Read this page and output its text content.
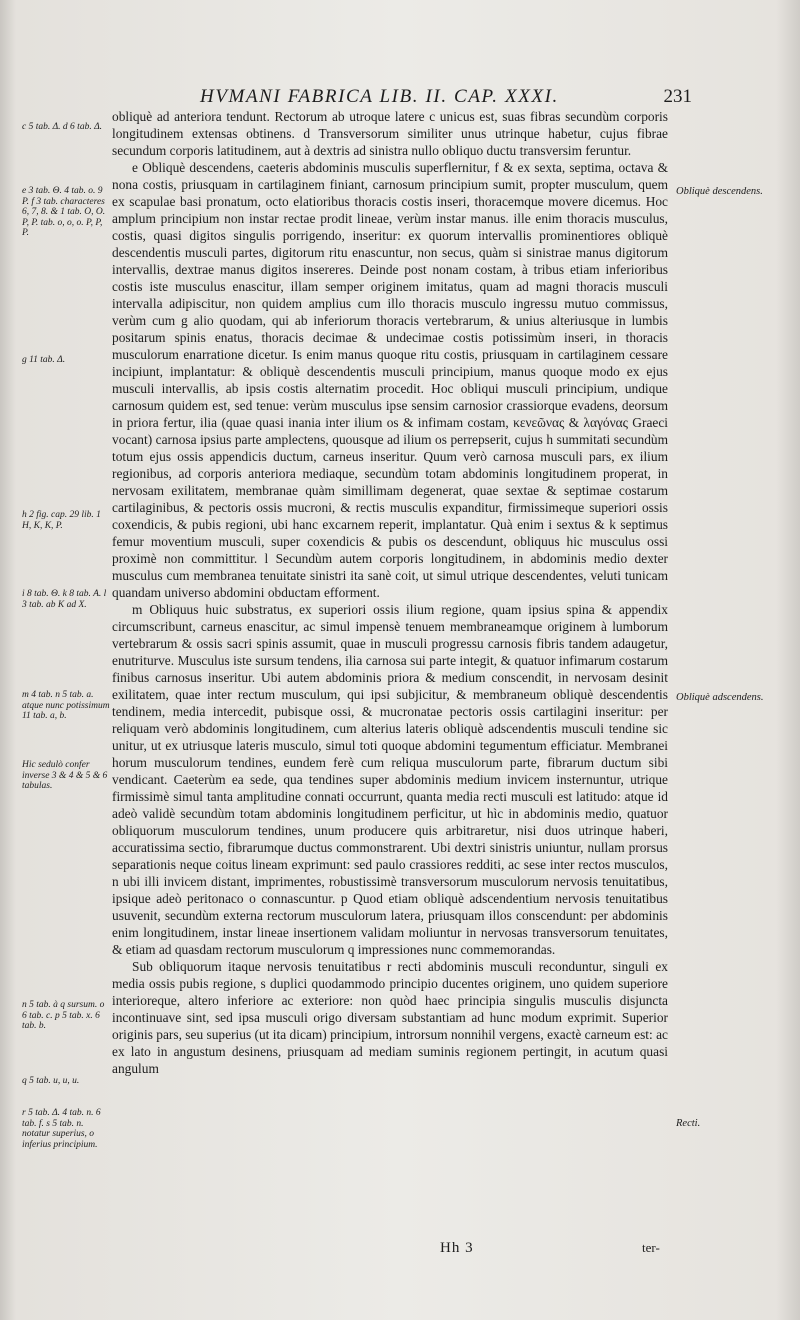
HVMANI FABRICA LIB. II. CAP. XXXI.	231

obliquè ad anteriora tendunt. Rectorum ab utroque latere c unicus est, suas fibras secundùm corporis longitudinem extensas obtinens. d Transversorum similiter unus utrinque habetur, cujus fibrae secundum corporis latitudinem, aut à dextris ad sinistra nullo obliquo ductu transversim feruntur.

e Obliquè descendens, caeteris abdominis musculis superflernitur, f & ex sexta, septima, octava & nona costis, priusquam in cartilaginem finiant, carnosum principium sumit, propter musculum, quem ex scapulae basi pronatum, octo elatioribus thoracis costis inseri, thoracemque movere dicemus. Hoc amplum principium non instar rectae prodit lineae, verùm instar manus. ille enim thoracis musculus, costis, quasi digitos singulis porrigendo, inseritur: ex quorum intervallis prominentiores obliquè descendentis musculi partes, digitorum ritu enascuntur, non secus, quàm si sinistrae manus digitorum intervallis, dextrae manus digitos insereres. Deinde post nonam costam, à tribus etiam inferioribus costis iste musculus enascitur, illam semper originem imitatus, quam ad magni thoracis musculi intervalla adipiscitur, non quidem amplius cum illo thoracis musculo ingressu mutuo commissus, verùm cum g alio quodam, qui ab inferiorum thoracis vertebrarum, & unius alteriusque in lumbis positarum spinis enatus, thoracis decimae & undecimae costis potissimùm inseri, in thoracis musculorum enarratione dicetur. Is enim manus quoque ritu costis, priusquam in cartilaginem cessare incipiunt, implantatur: & obliquè descendentis musculi principium, manus quoque modo ex ejus musculi intervallis, ab ipsis costis alternatim procedit. Hoc obliqui musculi principium, undique carnosum quidem est, sed tenue: verùm musculus ipse sensim carnosior crassiorque evadens, deorsum in priora fertur, ilia (quae quasi inania inter ilium os & infimam costam, κενεῶνας & λαγόνας Graeci vocant) carnosa ipsius parte amplectens, quousque ad ilium os perrepserit, cujus h summitati secundùm totum ejus ossis appendicis ductum, carneus inseritur. Quum verò carnosa musculi pars, ex ilium regionibus, ad corporis anteriora mediaque, secundùm totam abdominis longitudinem properat, in nervosam exilitatem, membranae quàm simillimam degenerat, quae sextae & septimae costarum cartilaginibus, & pectoris ossis mucroni, & rectis musculis expanditur, firmissimeque superiori ossis coxendicis, & pubis regioni, ubi hanc excarnem reperit, implantatur. Quà enim i sextus & k septimus femur moventium musculi, super coxendicis & pubis os descendunt, obliquus hic musculus ossi proximè non committitur. l Secundùm autem corporis longitudinem, in abdominis medio dexter musculus cum membranea tenuitate sinistri ita sanè coit, ut simul utrique descendentes, veluti tunicam quandam universo abdomini obductam efforment.

m Obliquus huic substratus, ex superiori ossis ilium regione, quam ipsius spina & appendix circumscribunt, carneus enascitur, ac simul impensè tenuem membraneamque originem à lumborum vertebrarum & ossis sacri spinis assumit, quae in musculi progressu carnosis fibris tandem adaugetur, enutriturve. Musculus iste sursum tendens, ilia carnosa sui parte integit, & quatuor infimarum costarum finibus carnosus inseritur. Ubi autem abdominis priora & medium conscendit, in nervosam desinit exilitatem, quae inter rectum musculum, qui ipsi subjicitur, & membraneum obliquè descendentis tendinem, media intercedit, pubisque ossi, & mucronatae pectoris ossis cartilagini inseritur: per reliquam verò abdominis longitudinem, cum alterius lateris obliquè adscendentis musculi tendine sic unitur, ut ex utriusque lateris musculo, simul toti quoque abdomini tegumentum efficiatur. Membranei horum musculorum tendines, eundem ferè cum reliqua musculorum parte, fibrarum ductum sibi vendicant. Caeterùm ea sede, qua tendines super abdominis medium invicem insternuntur, utrique firmissimè simul tanta amplitudine connati occurrunt, quanta media recti musculi est latitudo: atque id adeò validè secundùm totam abdominis longitudinem perficitur, ut hìc in abdominis medio, quatuor obliquorum musculorum tendines, unum producere quis arbitraretur, nisi duos utrinque haberi, accuratissima sectio, fibrarumque ductus commonstrarent. Ubi dextri sinistris uniuntur, nullam prorsus separationis neque coitus lineam exprimunt: sed paulo crassiores redditi, ac sese inter rectos musculos, n ubi illi invicem distant, imprimentes, robustissimè transversorum musculorum nervosis tenuitatibus, ipsique adeò peritonaco o connascuntur. p Quod etiam obliquè adscendentium nervosis tenuitatibus usuvenit, secundùm externa rectorum musculorum latera, priusquam illos conscendunt: per abdominis enim longitudinem, instar lineae insertionem validam moliuntur in nervosas transversorum tenuitates, & etiam ad quasdam rectorum musculorum q impressiones nunc commemorandas.

Sub obliquorum itaque nervosis tenuitatibus r recti abdominis musculi reconduntur, singuli ex media ossis pubis regione, s duplici quodammodo principio ducentes originem, uno quidem superiore interioreque, altero inferiore ac exteriore: non quòd haec principia singulis musculis disjuncta incontinuave sint, sed ipsa musculi origo diversam substantiam ad hunc modum exprimit. Superior originis pars, seu superius (ut ita dicam) principium, introrsum nonnihil vergens, exactè carneum est: ac ex lato in angustum desinens, priusquam ad mediam suminis regionem pertingit, in acutum quasi angulum

c 5 tab. Δ. d 6 tab. Δ.
e 3 tab. Θ. 4 tab. o. 9 P. f 3 tab. characteres 6, 7, 8. & 1 tab. O, O. P, P. tab. o, o, o. P, P, P.
g 11 tab. Δ.
h 2 fig. cap. 29 lib. 1 H, K, K, P.
i 8 tab. Θ. k 8 tab. A. l 3 tab. ab K ad X.
m 4 tab. n 5 tab. a. atque nunc potissimum 11 tab. a, b.
Hic sedulò confer inverse 3 & 4 & 5 & 6 tabulas.
n 5 tab. à q sursum. o 6 tab. c. p 5 tab. x. 6 tab. b.
q 5 tab. u, u, u.
r 5 tab. Δ. 4 tab. n. 6 tab. f. s 5 tab. n. notatur superius, o inferius principium.
Obliquè descendens.
Obliquè adscendens.
Recti.
Hh 3	ter-
